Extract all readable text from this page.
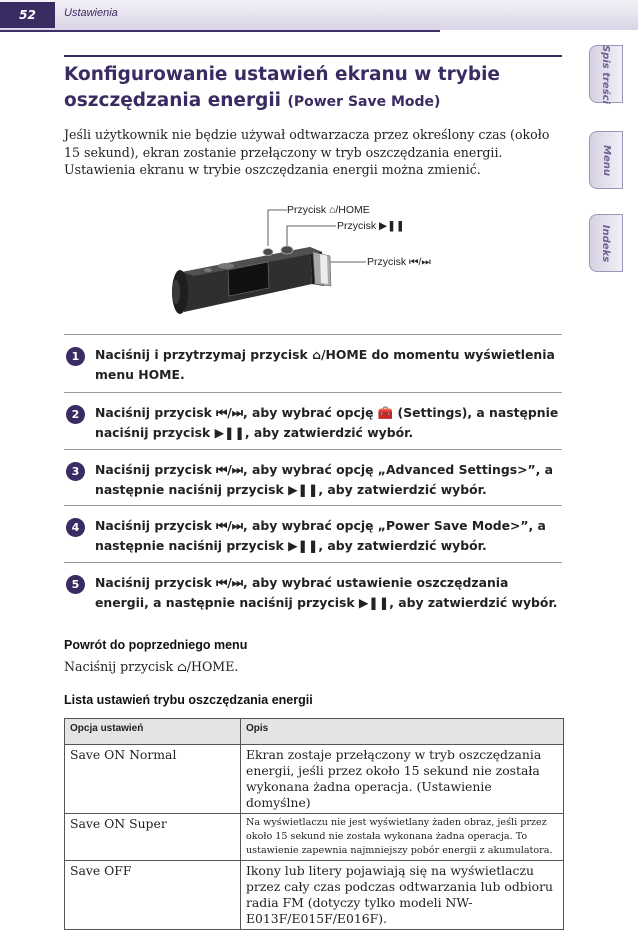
52	Ustawienia
Spis treści
Menu
Indeks
Konfigurowanie ustawień ekranu w trybie oszczędzania energii (Power Save Mode)

Jeśli użytkownik nie będzie używał odtwarzacza przez określony czas (około 15 sekund), ekran zostanie przełączony w tryb oszczędzania energii. Ustawienia ekranu w trybie oszczędzania energii można zmienić.

Przycisk ⌂/HOME
Przycisk ▶❚❚
Przycisk ⏮/⏭
1	Naciśnij i przytrzymaj przycisk ⌂/HOME do momentu wyświetlenia menu HOME.

2	Naciśnij przycisk ⏮/⏭, aby wybrać opcję 🧰 (Settings), a następnie naciśnij przycisk ▶❚❚, aby zatwierdzić wybór.

3	Naciśnij przycisk ⏮/⏭, aby wybrać opcję „Advanced Settings>”, a następnie naciśnij przycisk ▶❚❚, aby zatwierdzić wybór.

4	Naciśnij przycisk ⏮/⏭, aby wybrać opcję „Power Save Mode>”, a następnie naciśnij przycisk ▶❚❚, aby zatwierdzić wybór.

5	Naciśnij przycisk ⏮/⏭, aby wybrać ustawienie oszczędzania energii, a następnie naciśnij przycisk ▶❚❚, aby zatwierdzić wybór.

Powrót do poprzedniego menu

Naciśnij przycisk ⌂/HOME.

Lista ustawień trybu oszczędzania energii
Opcja ustawień	Opis
Save ON Normal	Ekran zostaje przełączony w tryb oszczędzania energii, jeśli przez około 15 sekund nie została wykonana żadna operacja. (Ustawienie domyślne)
Save ON Super	Na wyświetlaczu nie jest wyświetlany żaden obraz, jeśli przez około 15 sekund nie została wykonana żadna operacja. To ustawienie zapewnia najmniejszy pobór energii z akumulatora.
Save OFF	Ikony lub litery pojawiają się na wyświetlaczu przez cały czas podczas odtwarzania lub odbioru radia FM (dotyczy tylko modeli NW-E013F/E015F/E016F).
